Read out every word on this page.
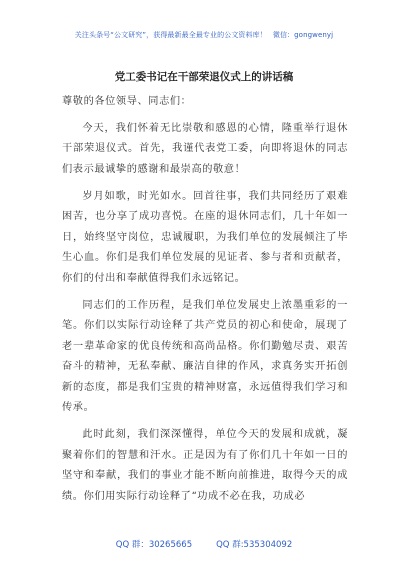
关注头条号“公文研究”，获得最新最全最专业的公文资料库！ 微信：gongwenyj
党工委书记在干部荣退仪式上的讲话稿

尊敬的各位领导、同志们：

今天，我们怀着无比崇敬和感恩的心情，隆重举行退休干部荣退仪式。首先，我谨代表党工委，向即将退休的同志们表示最诚挚的感谢和最崇高的敬意！

岁月如歌，时光如水。回首往事，我们共同经历了艰难困苦，也分享了成功喜悦。在座的退休同志们，几十年如一日，始终坚守岗位，忠诚履职，为我们单位的发展倾注了毕生心血。你们是我们单位发展的见证者、参与者和贡献者，你们的付出和奉献值得我们永远铭记。

同志们的工作历程，是我们单位发展史上浓墨重彩的一笔。你们以实际行动诠释了共产党员的初心和使命，展现了老一辈革命家的优良传统和高尚品格。你们勤勉尽责、艰苦奋斗的精神，无私奉献、廉洁自律的作风，求真务实开拓创新的态度，都是我们宝贵的精神财富，永远值得我们学习和传承。

此时此刻，我们深深懂得，单位今天的发展和成就，凝聚着你们的智慧和汗水。正是因为有了你们几十年如一日的坚守和奉献，我们的事业才能不断向前推进，取得今天的成绩。你们用实际行动诠释了“功成不必在我，功成必

QQ 群：30265665	QQ 群:535304092
